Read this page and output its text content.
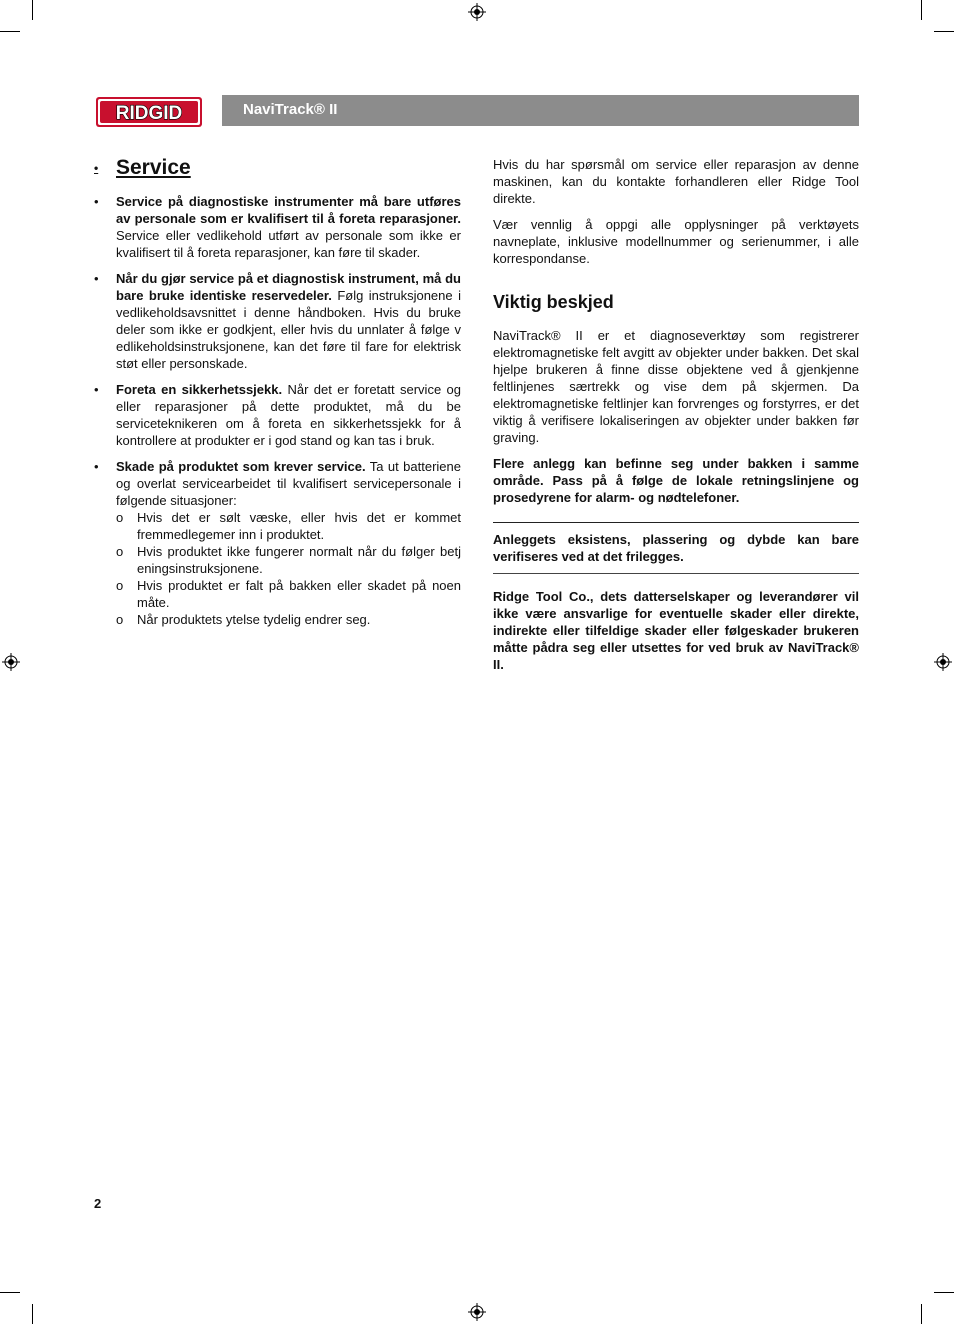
RIDGID	NaviTrack® II
• Service
•	Service på diagnostiske instrumenter må bare utføres av personale som er kvalifisert til å foreta reparasjoner. Service eller vedlikehold utført av personale som ikke er kvalifisert til å foreta reparasjoner, kan føre til skader.

•	Når du gjør service på et diagnostisk instrument, må du bare bruke identiske reservedeler. Følg instruksjonene i vedlikeholdsavsnittet i denne håndboken. Hvis du bruke deler som ikke er godkjent, eller hvis du unnlater å følge v edlikeholdsinstruksjonene, kan det føre til fare for elektrisk støt eller personskade.

•	Foreta en sikkerhetssjekk. Når det er foretatt service og eller reparasjoner på dette produktet, må du be serviceteknikeren om å foreta en sikkerhetssjekk for å kontrollere at produkter er i god stand og kan tas i bruk.

•	Skade på produktet som krever service. Ta ut batteriene og overlat servicearbeidet til kvalifisert servicepersonale i følgende situasjoner:

o	Hvis det er sølt væske, eller hvis det er kommet fremmedlegemer inn i produktet.

o	Hvis produktet ikke fungerer normalt når du følger betj eningsinstruksjonene.

o	Hvis produktet er falt på bakken eller skadet på noen måte.

o	Når produktets ytelse tydelig endrer seg.

Hvis du har spørsmål om service eller reparasjon av denne maskinen, kan du kontakte forhandleren eller Ridge Tool direkte.

Vær vennlig å oppgi alle opplysninger på verktøyets navneplate, inklusive modellnummer og serienummer, i alle korrespondanse.

Viktig beskjed

NaviTrack® II er et diagnoseverktøy som registrerer elektromagnetiske felt avgitt av objekter under bakken. Det skal hjelpe brukeren å finne disse objektene ved å gjenkjenne feltlinjenes særtrekk og vise dem på skjermen. Da elektromagnetiske feltlinjer kan forvrenges og forstyrres, er det viktig å verifisere lokaliseringen av objekter under bakken før graving.

Flere anlegg kan befinne seg under bakken i samme område. Pass på å følge de lokale retningslinjene og prosedyrene for alarm- og nødtelefoner.

Anleggets eksistens, plassering og dybde kan bare verifiseres ved at det frilegges.

Ridge Tool Co., dets datterselskaper og leverandører vil ikke være ansvarlige for eventuelle skader eller direkte, indirekte eller tilfeldige skader eller følgeskader brukeren måtte pådra seg eller utsettes for ved bruk av NaviTrack® II.

2
